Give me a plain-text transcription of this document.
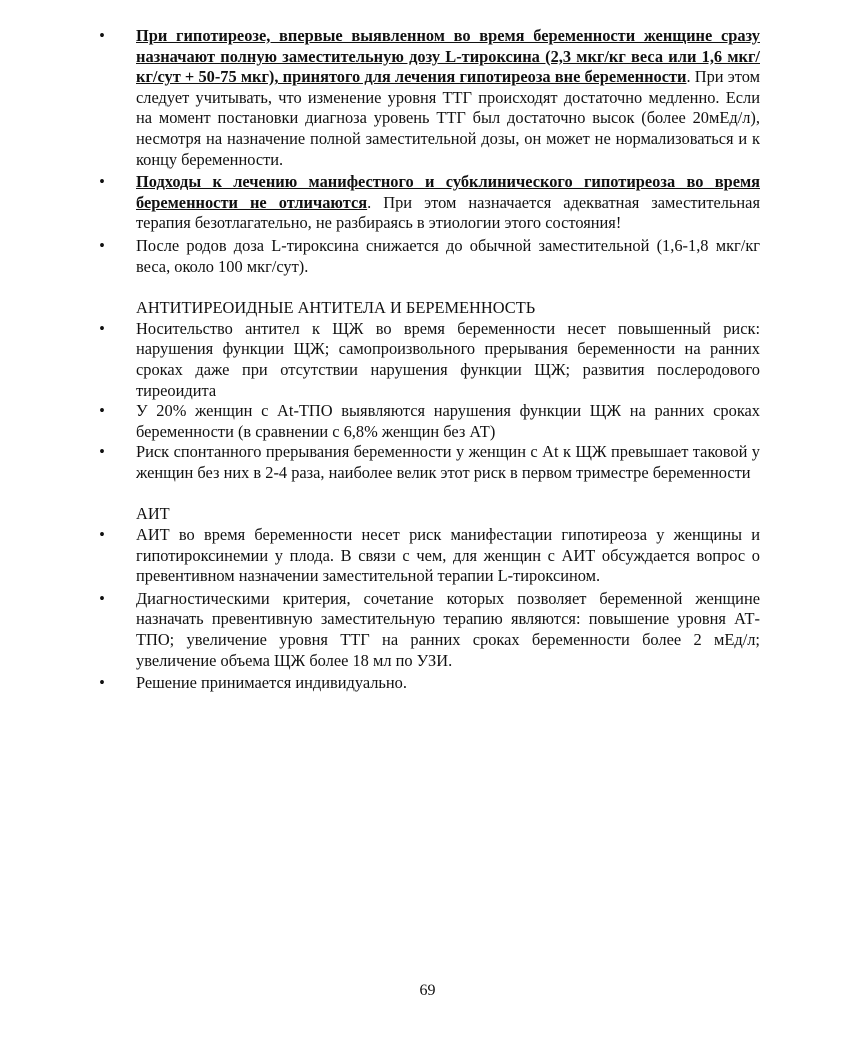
• При гипотиреозе, впервые выявленном во время беременности женщине сразу назначают полную заместительную дозу L-тироксина (2,3 мкг/кг веса или 1,6 мкг/кг/сут + 50-75 мкг), принятого для лечения гипотиреоза вне беременности. При этом следует учитывать, что изменение уровня ТТГ происходят достаточно медленно. Если на момент постановки диагноза уровень ТТГ был достаточно высок (более 20мЕд/л), несмотря на назначение полной заместительной дозы, он может не нормализоваться и к концу беременности.
• Подходы к лечению манифестного и субклинического гипотиреоза во время беременности не отличаются. При этом назначается адекватная заместительная терапия безотлагательно, не разбираясь в этиологии этого состояния!
• После родов доза L-тироксина снижается до обычной заместительной (1,6-1,8 мкг/кг веса, около 100 мкг/сут).
АНТИТИРЕОИДНЫЕ АНТИТЕЛА И БЕРЕМЕННОСТЬ
• Носительство антител к ЩЖ во время беременности несет повышенный риск: нарушения функции ЩЖ; самопроизвольного прерывания беременности на ранних сроках даже при отсутствии нарушения функции ЩЖ; развития послеродового тиреоидита
• У 20% женщин с At-ТПО выявляются нарушения функции ЩЖ на ранних сроках беременности (в сравнении с 6,8% женщин без АТ)
• Риск спонтанного прерывания беременности у женщин с At к ЩЖ превышает таковой у женщин без них в 2-4 раза, наиболее велик этот риск в первом триместре беременности
АИТ
• АИТ во время беременности несет риск манифестации гипотиреоза у женщины и гипотироксинемии у плода. В связи с чем, для женщин с АИТ обсуждается вопрос о превентивном назначении заместительной терапии L-тироксином.
• Диагностическими критерия, сочетание которых позволяет беременной женщине назначать превентивную заместительную терапию являются: повышение уровня АТ-ТПО; увеличение уровня ТТГ на ранних сроках беременности более 2 мЕд/л; увеличение объема ЩЖ более 18 мл по УЗИ.
• Решение принимается индивидуально.
69
